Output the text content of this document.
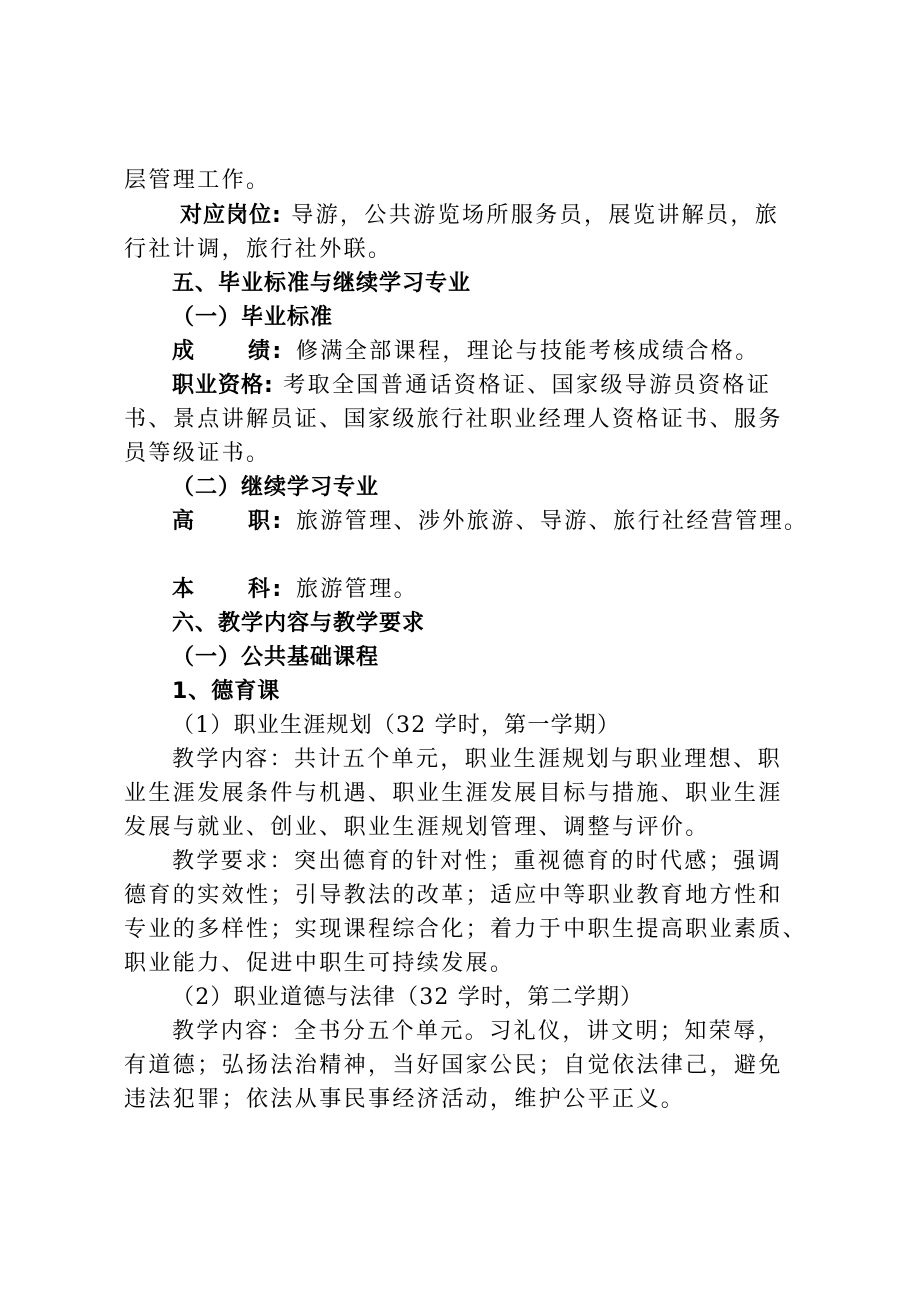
层管理工作。
对应岗位: 导游，公共游览场所服务员，展览讲解员，旅
行社计调，旅行社外联。
五、毕业标准与继续学习专业
（一）毕业标准
成 绩: 修满全部课程，理论与技能考核成绩合格。
职业资格: 考取全国普通话资格证、国家级导游员资格证
书、景点讲解员证、国家级旅行社职业经理人资格证书、服务
员等级证书。
（二）继续学习专业
高 职: 旅游管理、涉外旅游、导游、旅行社经营管理。
本 科: 旅游管理。
六、教学内容与教学要求
（一）公共基础课程
1、德育课
（1）职业生涯规划（32 学时，第一学期）
教学内容：共计五个单元，职业生涯规划与职业理想、职
业生涯发展条件与机遇、职业生涯发展目标与措施、职业生涯
发展与就业、创业、职业生涯规划管理、调整与评价。
教学要求：突出德育的针对性；重视德育的时代感；强调
德育的实效性；引导教法的改革；适应中等职业教育地方性和
专业的多样性；实现课程综合化；着力于中职生提高职业素质、
职业能力、促进中职生可持续发展。
（2）职业道德与法律（32 学时，第二学期）
教学内容：全书分五个单元。习礼仪，讲文明；知荣辱，
有道德；弘扬法治精神，当好国家公民；自觉依法律己，避免
违法犯罪；依法从事民事经济活动，维护公平正义。
